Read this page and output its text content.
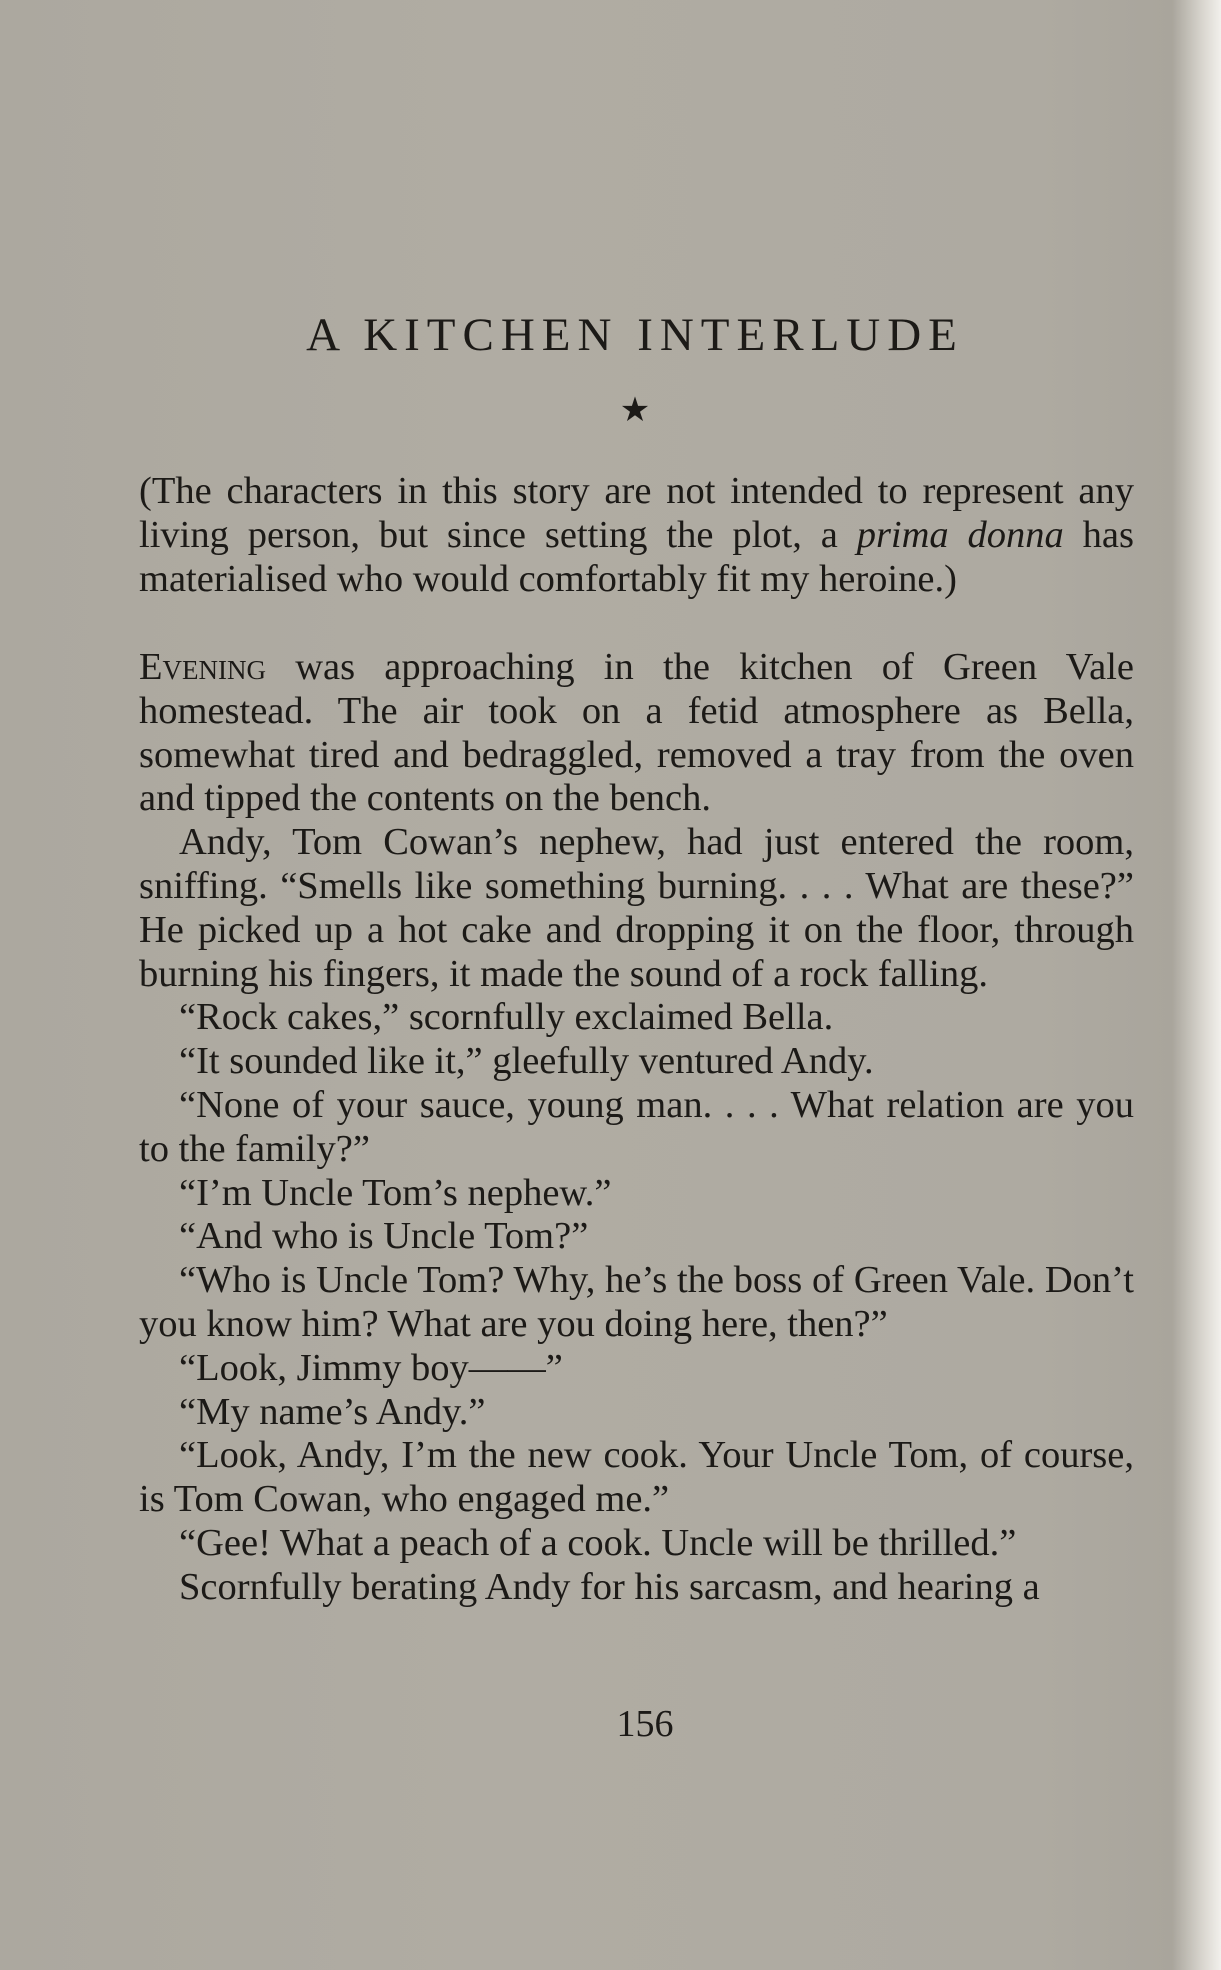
A KITCHEN INTERLUDE
★

(The characters in this story are not intended to represent any living person, but since setting the plot, a prima donna has materialised who would comfortably fit my heroine.)

Evening was approaching in the kitchen of Green Vale homestead. The air took on a fetid atmosphere as Bella, somewhat tired and bedraggled, removed a tray from the oven and tipped the contents on the bench.

Andy, Tom Cowan’s nephew, had just entered the room, sniffing. “Smells like something burning. . . . What are these?” He picked up a hot cake and dropping it on the floor, through burning his fingers, it made the sound of a rock falling.

“Rock cakes,” scornfully exclaimed Bella.

“It sounded like it,” gleefully ventured Andy.

“None of your sauce, young man. . . . What relation are you to the family?”

“I’m Uncle Tom’s nephew.”

“And who is Uncle Tom?”

“Who is Uncle Tom? Why, he’s the boss of Green Vale. Don’t you know him? What are you doing here, then?”

“Look, Jimmy boy——”

“My name’s Andy.”

“Look, Andy, I’m the new cook. Your Uncle Tom, of course, is Tom Cowan, who engaged me.”

“Gee! What a peach of a cook. Uncle will be thrilled.”

Scornfully berating Andy for his sarcasm, and hearing a

156
